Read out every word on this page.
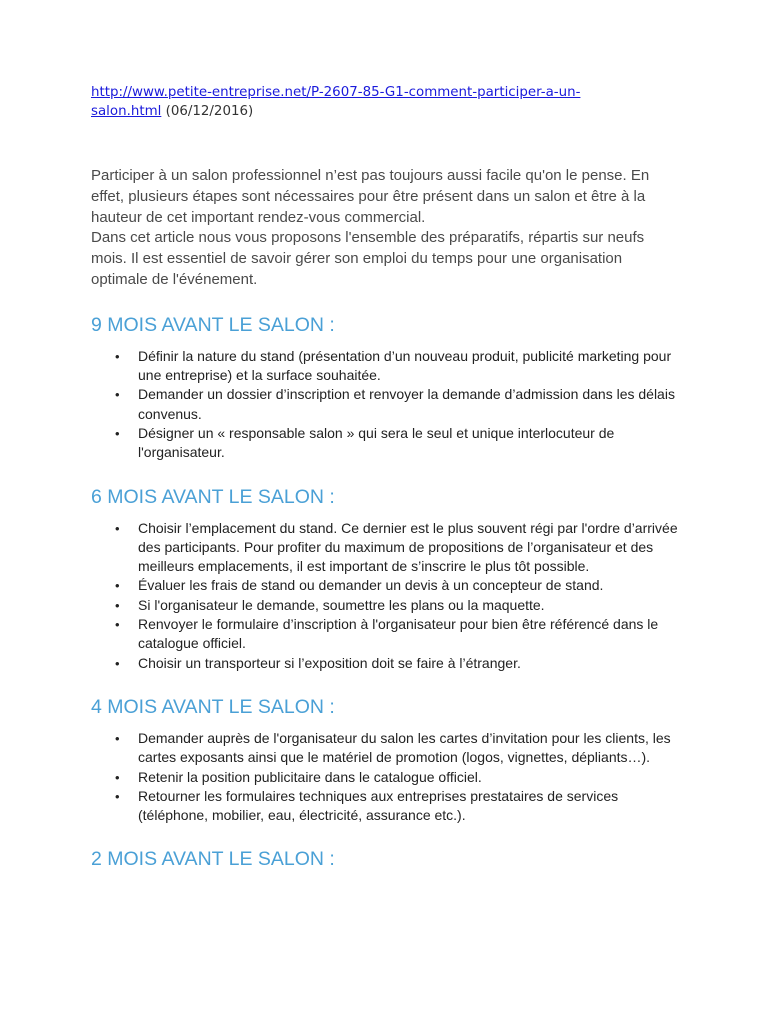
http://www.petite-entreprise.net/P-2607-85-G1-comment-participer-a-un-
salon.html (06/12/2016)

Participer à un salon professionnel n’est pas toujours aussi facile qu'on le pense. En effet, plusieurs étapes sont nécessaires pour être présent dans un salon et être à la hauteur de cet important rendez-vous commercial.

Dans cet article nous vous proposons l'ensemble des préparatifs, répartis sur neufs mois. Il est essentiel de savoir gérer son emploi du temps pour une organisation optimale de l'événement.

9 MOIS AVANT LE SALON :
• Définir la nature du stand (présentation d’un nouveau produit, publicité marketing pour une entreprise) et la surface souhaitée.
• Demander un dossier d’inscription et renvoyer la demande d’admission dans les délais convenus.
• Désigner un « responsable salon » qui sera le seul et unique interlocuteur de l'organisateur.
6 MOIS AVANT LE SALON :
• Choisir l’emplacement du stand. Ce dernier est le plus souvent régi par l'ordre d’arrivée des participants. Pour profiter du maximum de propositions de l’organisateur et des meilleurs emplacements, il est important de s’inscrire le plus tôt possible.
• Évaluer les frais de stand ou demander un devis à un concepteur de stand.
• Si l'organisateur le demande, soumettre les plans ou la maquette.
• Renvoyer le formulaire d’inscription à l'organisateur pour bien être référencé dans le catalogue officiel.
• Choisir un transporteur si l’exposition doit se faire à l’étranger.
4 MOIS AVANT LE SALON :
• Demander auprès de l'organisateur du salon les cartes d’invitation pour les clients, les cartes exposants ainsi que le matériel de promotion (logos, vignettes, dépliants…).
• Retenir la position publicitaire dans le catalogue officiel.
• Retourner les formulaires techniques aux entreprises prestataires de services (téléphone, mobilier, eau, électricité, assurance etc.).
2 MOIS AVANT LE SALON :
